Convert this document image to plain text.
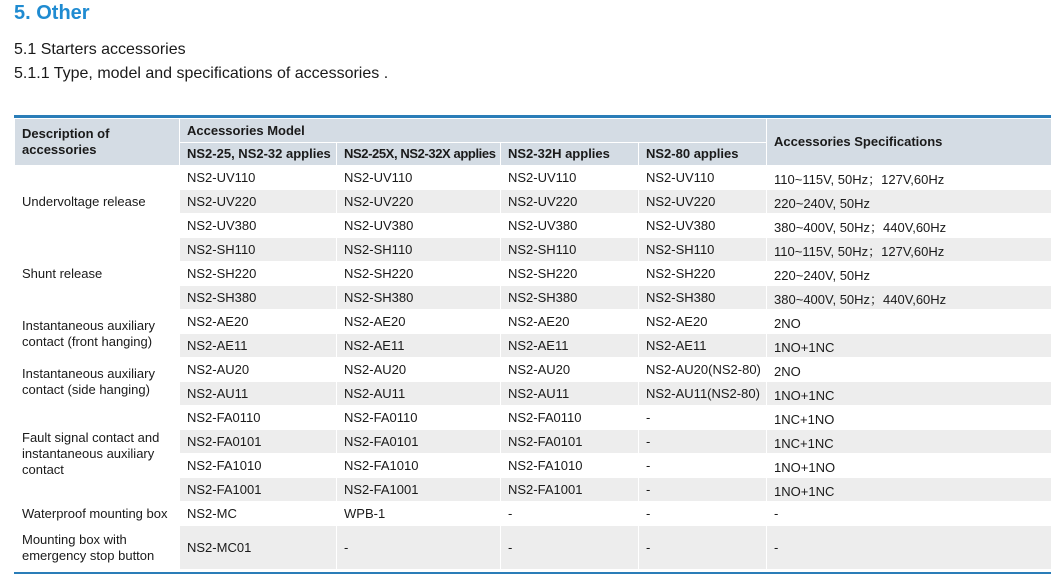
5. Other
5.1 Starters accessories
5.1.1 Type, model and specifications of accessories .
Description of accessories	Accessories Model				Accessories Specifications
	NS2-25, NS2-32 applies	NS2-25X, NS2-32X applies	NS2-32H applies	NS2-80 applies	
Undervoltage release	NS2-UV110	NS2-UV110	NS2-UV110	NS2-UV110	110~115V, 50Hz；127V,60Hz
	NS2-UV220	NS2-UV220	NS2-UV220	NS2-UV220	220~240V, 50Hz
	NS2-UV380	NS2-UV380	NS2-UV380	NS2-UV380	380~400V, 50Hz；440V,60Hz
Shunt release	NS2-SH110	NS2-SH110	NS2-SH110	NS2-SH110	110~115V, 50Hz；127V,60Hz
	NS2-SH220	NS2-SH220	NS2-SH220	NS2-SH220	220~240V, 50Hz
	NS2-SH380	NS2-SH380	NS2-SH380	NS2-SH380	380~400V, 50Hz；440V,60Hz
Instantaneous auxiliary contact (front hanging)	NS2-AE20	NS2-AE20	NS2-AE20	NS2-AE20	2NO
	NS2-AE11	NS2-AE11	NS2-AE11	NS2-AE11	1NO+1NC
Instantaneous auxiliary contact (side hanging)	NS2-AU20	NS2-AU20	NS2-AU20	NS2-AU20(NS2-80)	2NO
	NS2-AU11	NS2-AU11	NS2-AU11	NS2-AU11(NS2-80)	1NO+1NC
Fault signal contact and instantaneous auxiliary contact	NS2-FA0110	NS2-FA0110	NS2-FA0110	-	1NC+1NO
	NS2-FA0101	NS2-FA0101	NS2-FA0101	-	1NC+1NC
	NS2-FA1010	NS2-FA1010	NS2-FA1010	-	1NO+1NO
	NS2-FA1001	NS2-FA1001	NS2-FA1001	-	1NO+1NC
Waterproof mounting box	NS2-MC	WPB-1	-	-	-
Mounting box with emergency stop button	NS2-MC01	-	-	-	-
